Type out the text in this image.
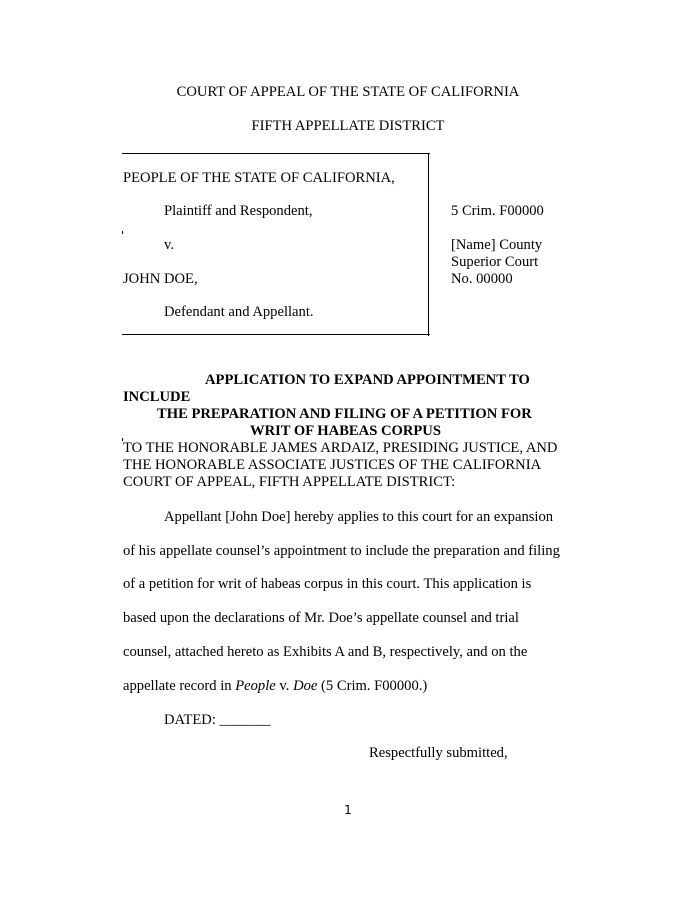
COURT OF APPEAL OF THE STATE OF CALIFORNIA
FIFTH APPELLATE DISTRICT
PEOPLE OF THE STATE OF CALIFORNIA,
Plaintiff and Respondent,
v.
JOHN DOE,
Defendant and Appellant.
5 Crim. F00000
[Name] County
Superior Court
No. 00000
APPLICATION TO EXPAND APPOINTMENT TO
INCLUDE
THE PREPARATION AND FILING OF A PETITION FOR
WRIT OF HABEAS CORPUS
TO THE HONORABLE JAMES ARDAIZ, PRESIDING JUSTICE, AND
THE HONORABLE ASSOCIATE JUSTICES OF THE CALIFORNIA
COURT OF APPEAL, FIFTH APPELLATE DISTRICT:
Appellant [John Doe] hereby applies to this court for an expansion
of his appellate counsel’s appointment to include the preparation and filing
of a petition for writ of habeas corpus in this court. This application is
based upon the declarations of Mr. Doe’s appellate counsel and trial
counsel, attached hereto as Exhibits A and B, respectively, and on the
appellate record in People v. Doe (5 Crim. F00000.)
DATED: _______
Respectfully submitted,
1
